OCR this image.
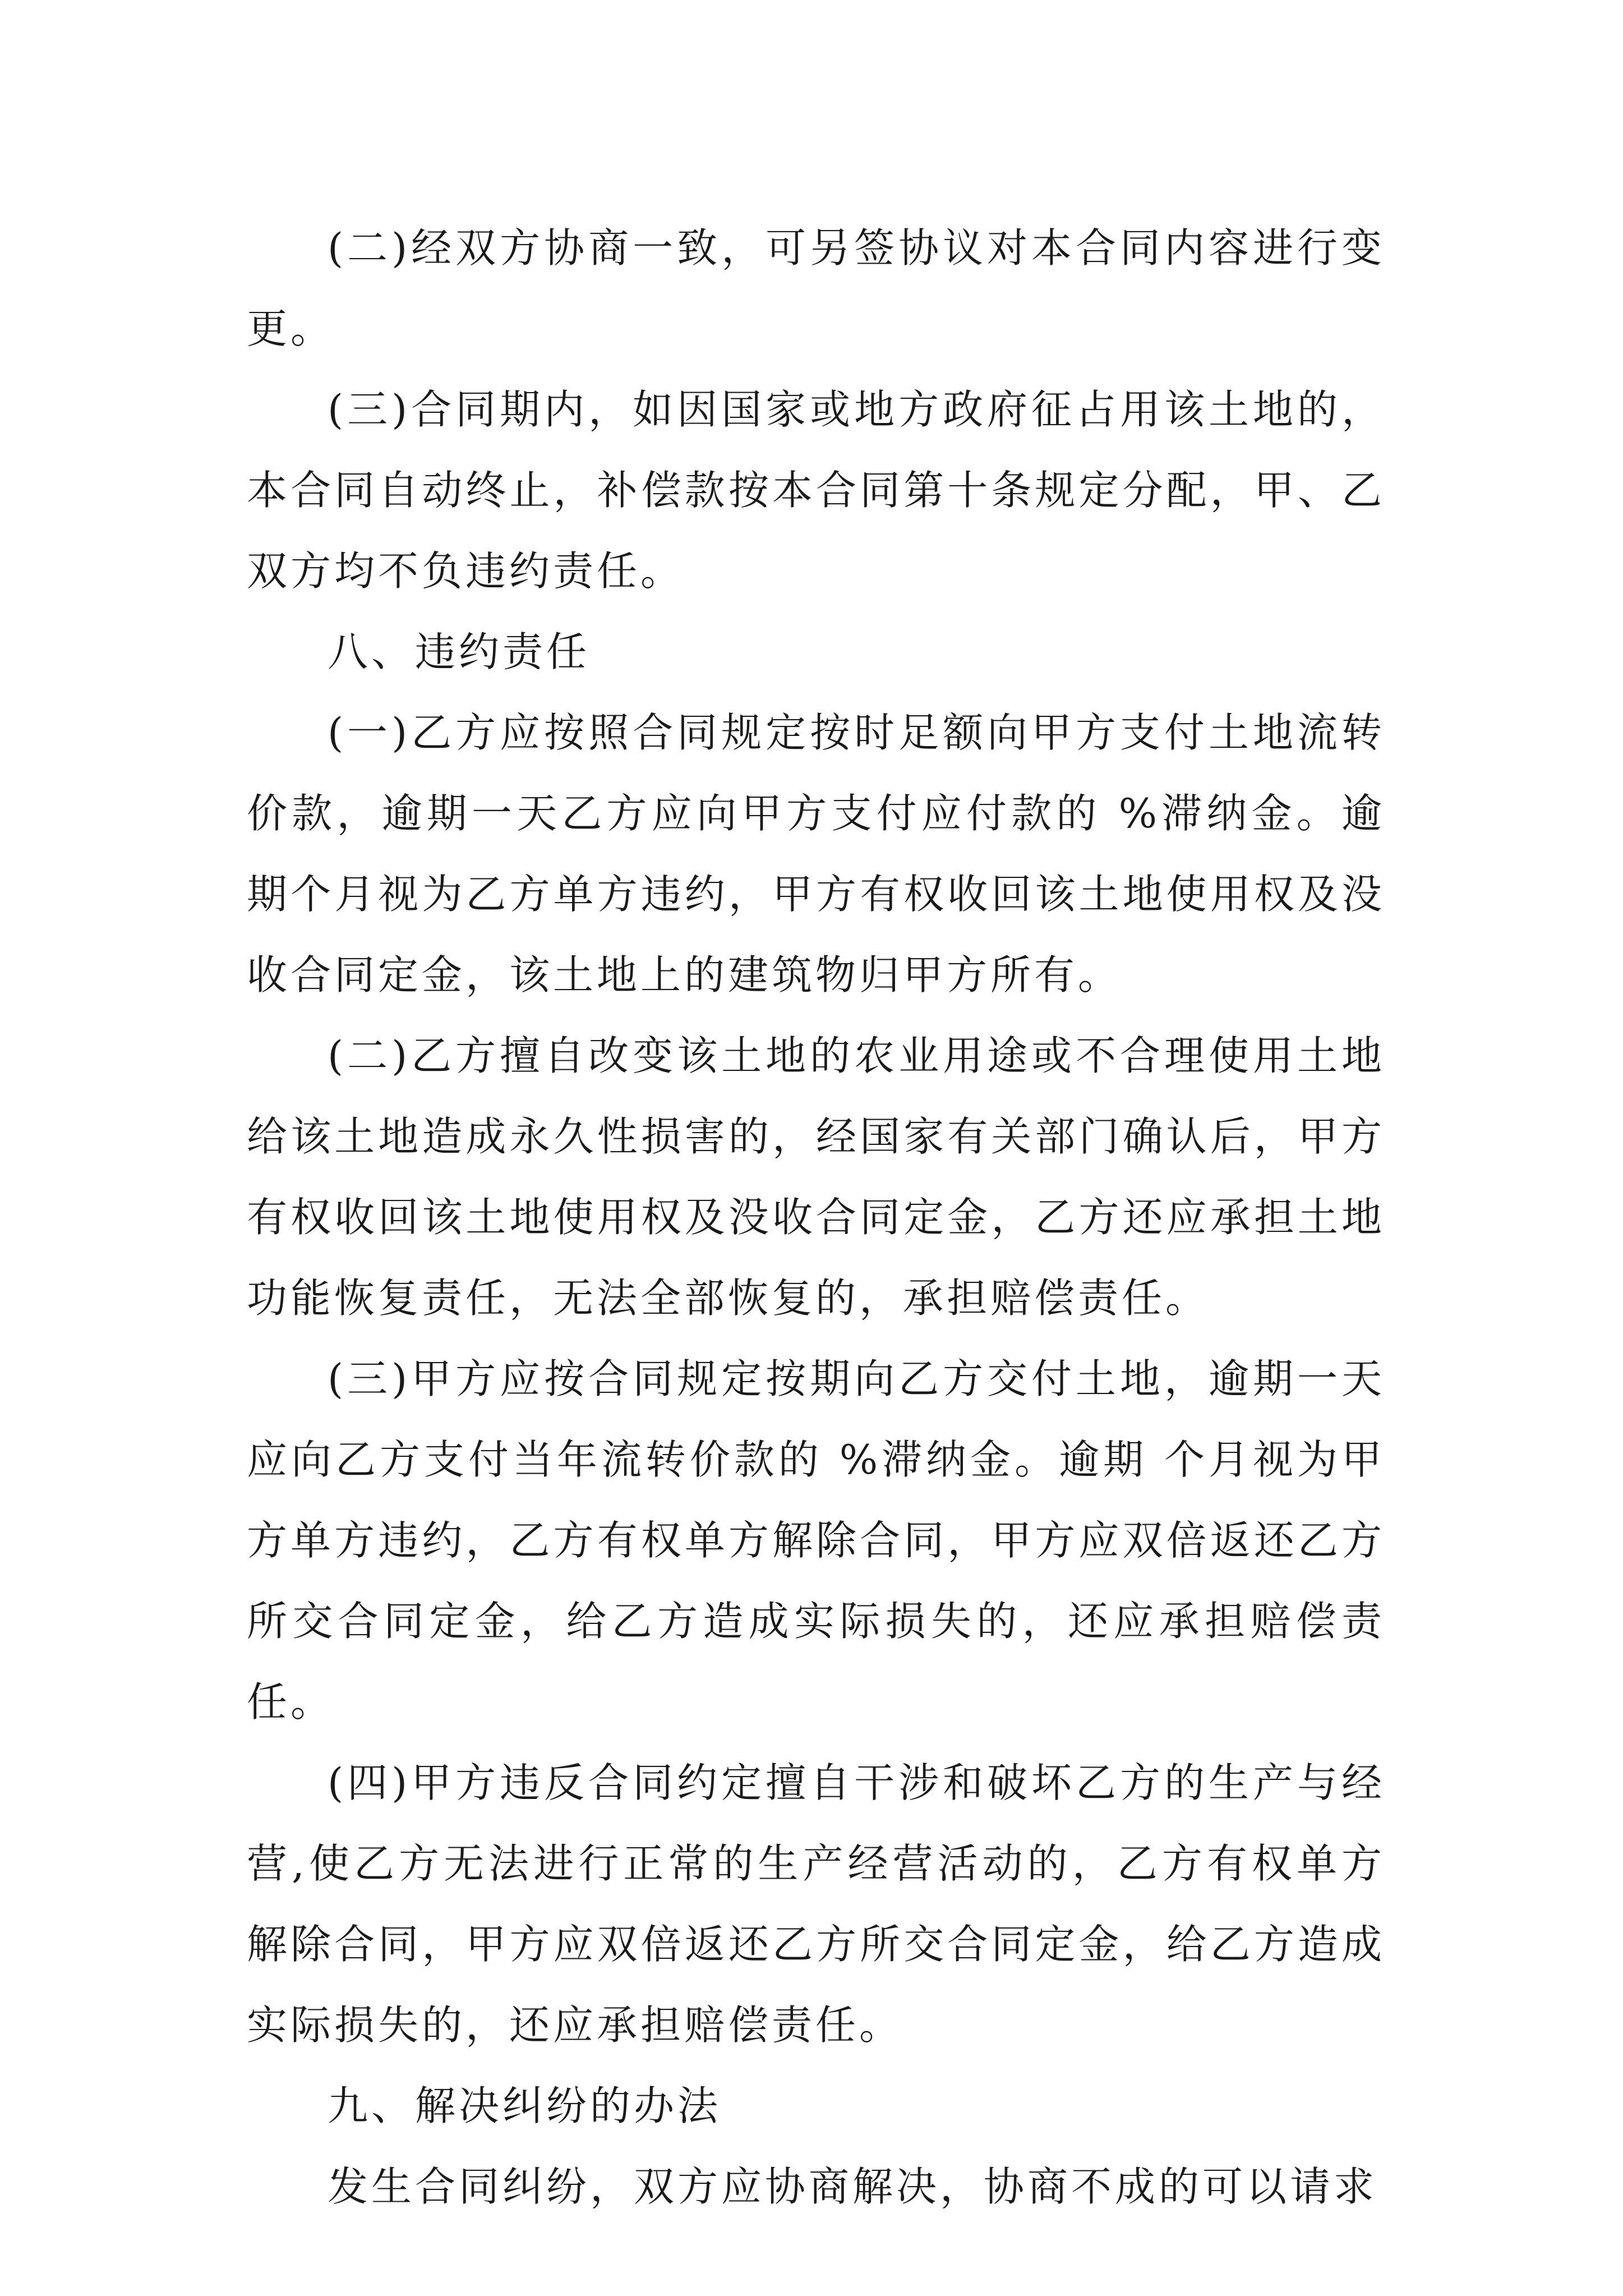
(二)经双方协商一致，可另签协议对本合同内容进行变更。

(三)合同期内，如因国家或地方政府征占用该土地的，本合同自动终止，补偿款按本合同第十条规定分配，甲、乙双方均不负违约责任。

八、违约责任

(一)乙方应按照合同规定按时足额向甲方支付土地流转价款，逾期一天乙方应向甲方支付应付款的 %滞纳金。逾期个月视为乙方单方违约，甲方有权收回该土地使用权及没收合同定金，该土地上的建筑物归甲方所有。

(二)乙方擅自改变该土地的农业用途或不合理使用土地给该土地造成永久性损害的，经国家有关部门确认后，甲方有权收回该土地使用权及没收合同定金，乙方还应承担土地功能恢复责任，无法全部恢复的，承担赔偿责任。

(三)甲方应按合同规定按期向乙方交付土地，逾期一天应向乙方支付当年流转价款的 %滞纳金。逾期 个月视为甲方单方违约，乙方有权单方解除合同，甲方应双倍返还乙方所交合同定金，给乙方造成实际损失的，还应承担赔偿责任。

(四)甲方违反合同约定擅自干涉和破坏乙方的生产与经营,使乙方无法进行正常的生产经营活动的，乙方有权单方解除合同，甲方应双倍返还乙方所交合同定金，给乙方造成实际损失的，还应承担赔偿责任。

九、解决纠纷的办法

发生合同纠纷，双方应协商解决，协商不成的可以请求
